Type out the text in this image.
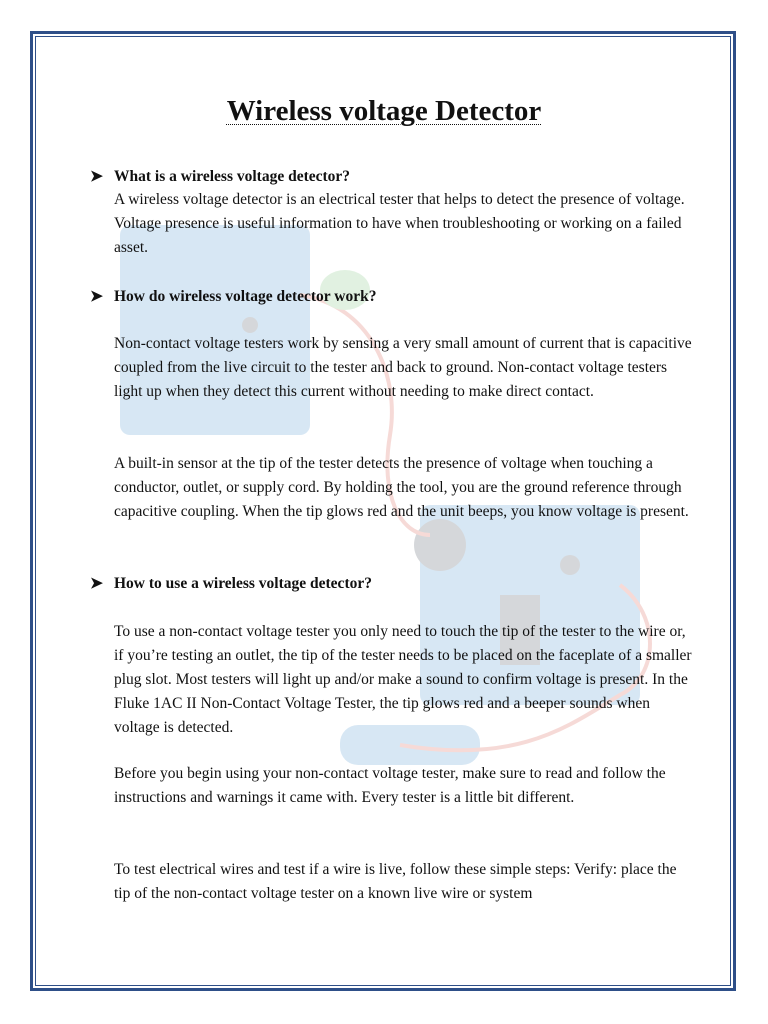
Wireless voltage Detector
➤ What is a wireless voltage detector?
A wireless voltage detector is an electrical tester that helps to detect the presence of voltage. Voltage presence is useful information to have when troubleshooting or working on a failed asset.
➤ How do wireless voltage detector work?
Non-contact voltage testers work by sensing a very small amount of current that is capacitive coupled from the live circuit to the tester and back to ground. Non-contact voltage testers light up when they detect this current without needing to make direct contact.
A built-in sensor at the tip of the tester detects the presence of voltage when touching a conductor, outlet, or supply cord. By holding the tool, you are the ground reference through capacitive coupling. When the tip glows red and the unit beeps, you know voltage is present.
➤ How to use a wireless voltage detector?
To use a non-contact voltage tester you only need to touch the tip of the tester to the wire or, if you’re testing an outlet, the tip of the tester needs to be placed on the faceplate of a smaller plug slot. Most testers will light up and/or make a sound to confirm voltage is present. In the Fluke 1AC II Non-Contact Voltage Tester, the tip glows red and a beeper sounds when voltage is detected.
Before you begin using your non-contact voltage tester, make sure to read and follow the instructions and warnings it came with. Every tester is a little bit different.
To test electrical wires and test if a wire is live, follow these simple steps: Verify: place the tip of the non-contact voltage tester on a known live wire or system
